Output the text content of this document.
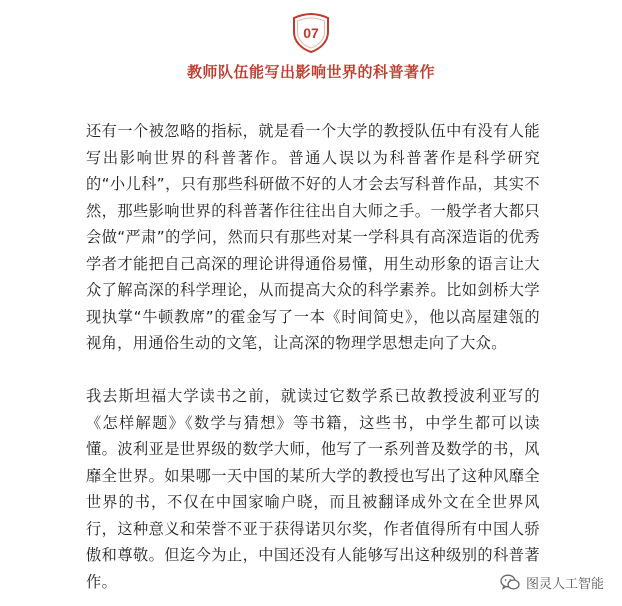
07
教师队伍能写出影响世界的科普著作

还有一个被忽略的指标，就是看一个大学的教授队伍中有没有人能写出影响世界的科普著作。普通人误以为科普著作是科学研究的“小儿科”，只有那些科研做不好的人才会去写科普作品，其实不然，那些影响世界的科普著作往往出自大师之手。一般学者大都只会做“严肃”的学问，然而只有那些对某一学科具有高深造诣的优秀学者才能把自己高深的理论讲得通俗易懂，用生动形象的语言让大众了解高深的科学理论，从而提高大众的科学素养。比如剑桥大学现执掌“牛顿教席”的霍金写了一本《时间简史》，他以高屋建瓴的视角，用通俗生动的文笔，让高深的物理学思想走向了大众。

我去斯坦福大学读书之前，就读过它数学系已故教授波利亚写的《怎样解题》《数学与猜想》等书籍，这些书，中学生都可以读懂。波利亚是世界级的数学大师，他写了一系列普及数学的书，风靡全世界。如果哪一天中国的某所大学的教授也写出了这种风靡全世界的书，不仅在中国家喻户晓，而且被翻译成外文在全世界风行，这种意义和荣誉不亚于获得诺贝尔奖，作者值得所有中国人骄傲和尊敬。但迄今为止，中国还没有人能够写出这种级别的科普著作。	图灵人工智能
